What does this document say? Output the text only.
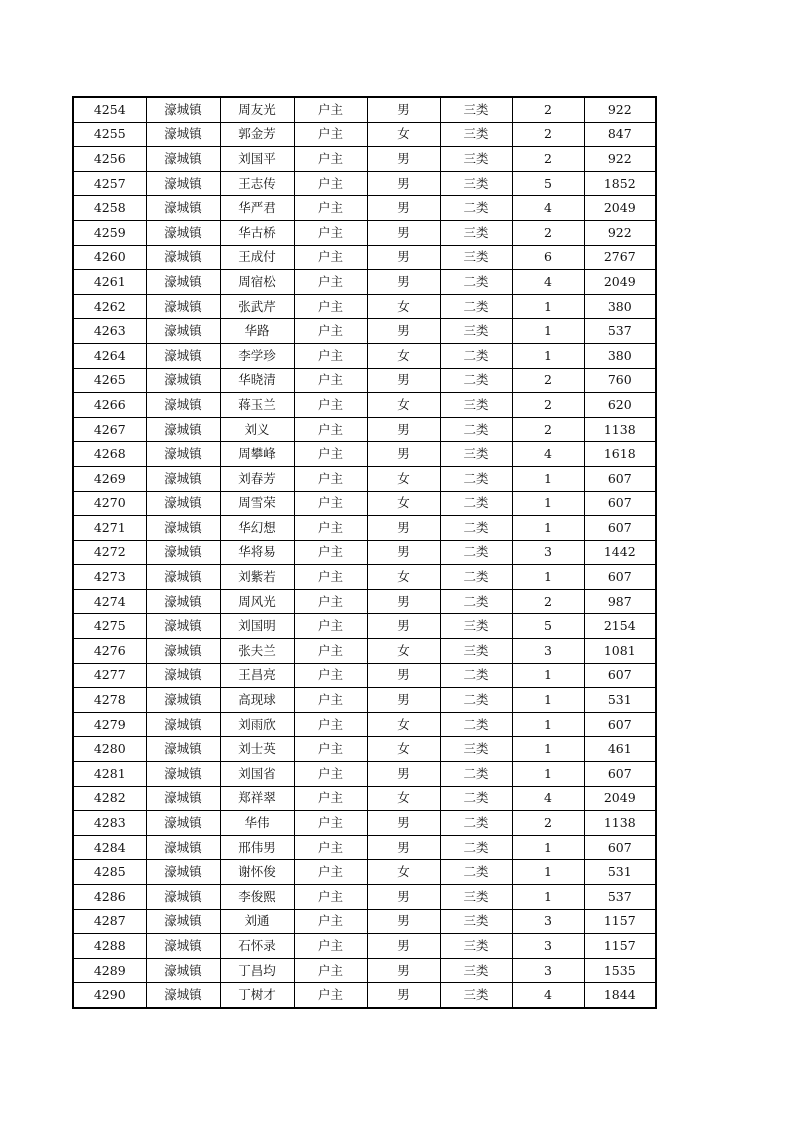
4254	濠城镇	周友光	户主	男	三类	2	922
4255	濠城镇	郭金芳	户主	女	三类	2	847
4256	濠城镇	刘国平	户主	男	三类	2	922
4257	濠城镇	王志传	户主	男	三类	5	1852
4258	濠城镇	华严君	户主	男	二类	4	2049
4259	濠城镇	华古桥	户主	男	三类	2	922
4260	濠城镇	王成付	户主	男	三类	6	2767
4261	濠城镇	周宿松	户主	男	二类	4	2049
4262	濠城镇	张武芹	户主	女	二类	1	380
4263	濠城镇	华路	户主	男	三类	1	537
4264	濠城镇	李学珍	户主	女	二类	1	380
4265	濠城镇	华晓清	户主	男	二类	2	760
4266	濠城镇	蒋玉兰	户主	女	三类	2	620
4267	濠城镇	刘义	户主	男	二类	2	1138
4268	濠城镇	周攀峰	户主	男	三类	4	1618
4269	濠城镇	刘春芳	户主	女	二类	1	607
4270	濠城镇	周雪荣	户主	女	二类	1	607
4271	濠城镇	华幻想	户主	男	二类	1	607
4272	濠城镇	华将易	户主	男	二类	3	1442
4273	濠城镇	刘紫若	户主	女	二类	1	607
4274	濠城镇	周风光	户主	男	二类	2	987
4275	濠城镇	刘国明	户主	男	三类	5	2154
4276	濠城镇	张夫兰	户主	女	三类	3	1081
4277	濠城镇	王昌亮	户主	男	二类	1	607
4278	濠城镇	高现球	户主	男	二类	1	531
4279	濠城镇	刘雨欣	户主	女	二类	1	607
4280	濠城镇	刘士英	户主	女	三类	1	461
4281	濠城镇	刘国省	户主	男	二类	1	607
4282	濠城镇	郑祥翠	户主	女	二类	4	2049
4283	濠城镇	华伟	户主	男	二类	2	1138
4284	濠城镇	邢伟男	户主	男	二类	1	607
4285	濠城镇	谢怀俊	户主	女	二类	1	531
4286	濠城镇	李俊熙	户主	男	三类	1	537
4287	濠城镇	刘通	户主	男	三类	3	1157
4288	濠城镇	石怀录	户主	男	三类	3	1157
4289	濠城镇	丁昌均	户主	男	三类	3	1535
4290	濠城镇	丁树才	户主	男	三类	4	1844
